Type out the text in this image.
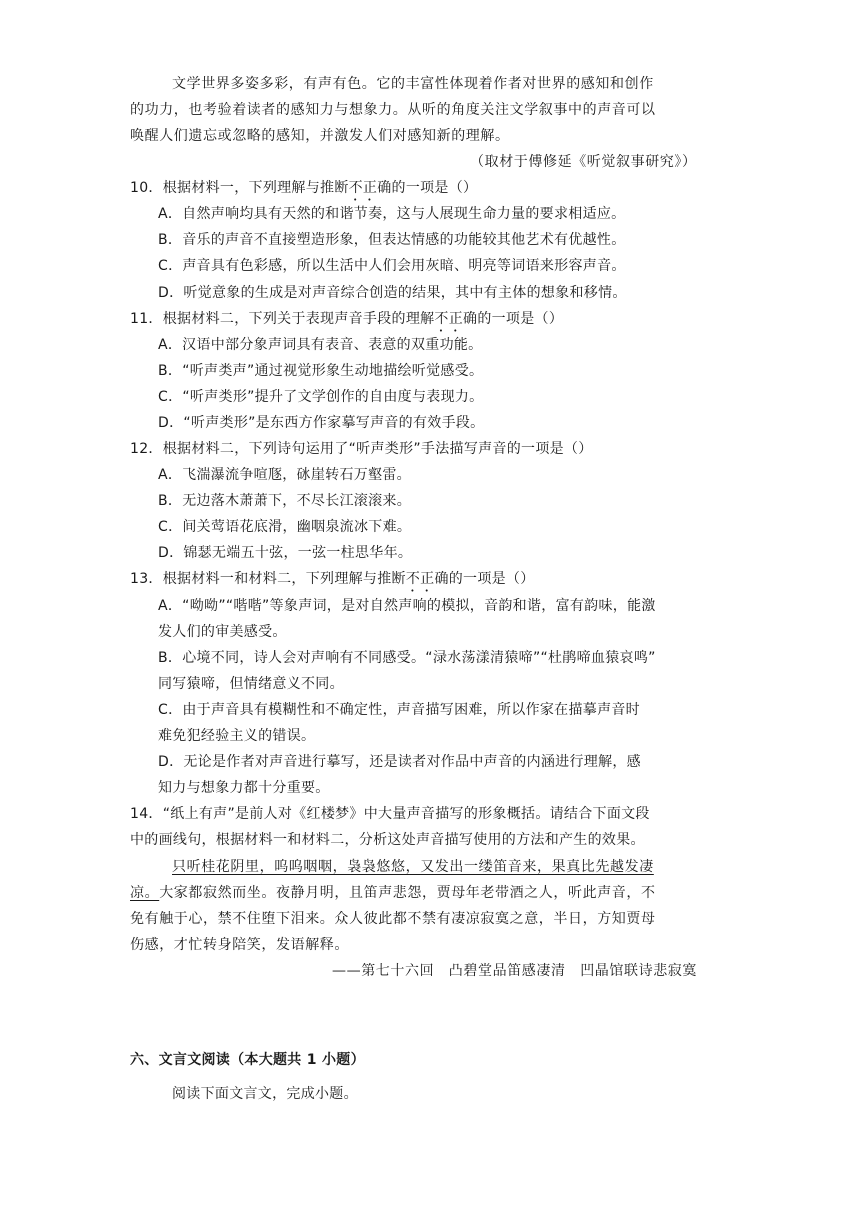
文学世界多姿多彩，有声有色。它的丰富性体现着作者对世界的感知和创作
的功力，也考验着读者的感知力与想象力。从听的角度关注文学叙事中的声音可以
唤醒人们遗忘或忽略的感知，并激发人们对感知新的理解。
（取材于傅修延《听觉叙事研究》）
10．根据材料一，下列理解与推断不正确的一项是（）
A．自然声响均具有天然的和谐节奏，这与人展现生命力量的要求相适应。
B．音乐的声音不直接塑造形象，但表达情感的功能较其他艺术有优越性。
C．声音具有色彩感，所以生活中人们会用灰暗、明亮等词语来形容声音。
D．听觉意象的生成是对声音综合创造的结果，其中有主体的想象和移情。
11．根据材料二，下列关于表现声音手段的理解不正确的一项是（）
A．汉语中部分象声词具有表音、表意的双重功能。
B．“听声类声”通过视觉形象生动地描绘听觉感受。
C．“听声类形”提升了文学创作的自由度与表现力。
D．“听声类形”是东西方作家摹写声音的有效手段。
12．根据材料二，下列诗句运用了“听声类形”手法描写声音的一项是（）
A．飞湍瀑流争喧豗，砯崖转石万壑雷。
B．无边落木萧萧下，不尽长江滚滚来。
C．间关莺语花底滑，幽咽泉流冰下难。
D．锦瑟无端五十弦，一弦一柱思华年。
13．根据材料一和材料二，下列理解与推断不正确的一项是（）
A．“呦呦”“喈喈”等象声词，是对自然声响的模拟，音韵和谐，富有韵味，能激
发人们的审美感受。
B．心境不同，诗人会对声响有不同感受。“渌水荡漾清猿啼”“杜鹃啼血猿哀鸣”
同写猿啼，但情绪意义不同。
C．由于声音具有模糊性和不确定性，声音描写困难，所以作家在描摹声音时
难免犯经验主义的错误。
D．无论是作者对声音进行摹写，还是读者对作品中声音的内涵进行理解，感
知力与想象力都十分重要。
14．“纸上有声”是前人对《红楼梦》中大量声音描写的形象概括。请结合下面文段
中的画线句，根据材料一和材料二，分析这处声音描写使用的方法和产生的效果。
只听桂花阴里，呜呜咽咽，袅袅悠悠，又发出一缕笛音来，果真比先越发凄
凉。大家都寂然而坐。夜静月明，且笛声悲怨，贾母年老带酒之人，听此声音，不
免有触于心，禁不住堕下泪来。众人彼此都不禁有凄凉寂寞之意，半日，方知贾母
伤感，才忙转身陪笑，发语解释。
——第七十六回　凸碧堂品笛感凄清　凹晶馆联诗悲寂寞
六、文言文阅读（本大题共 1 小题）
阅读下面文言文，完成小题。
